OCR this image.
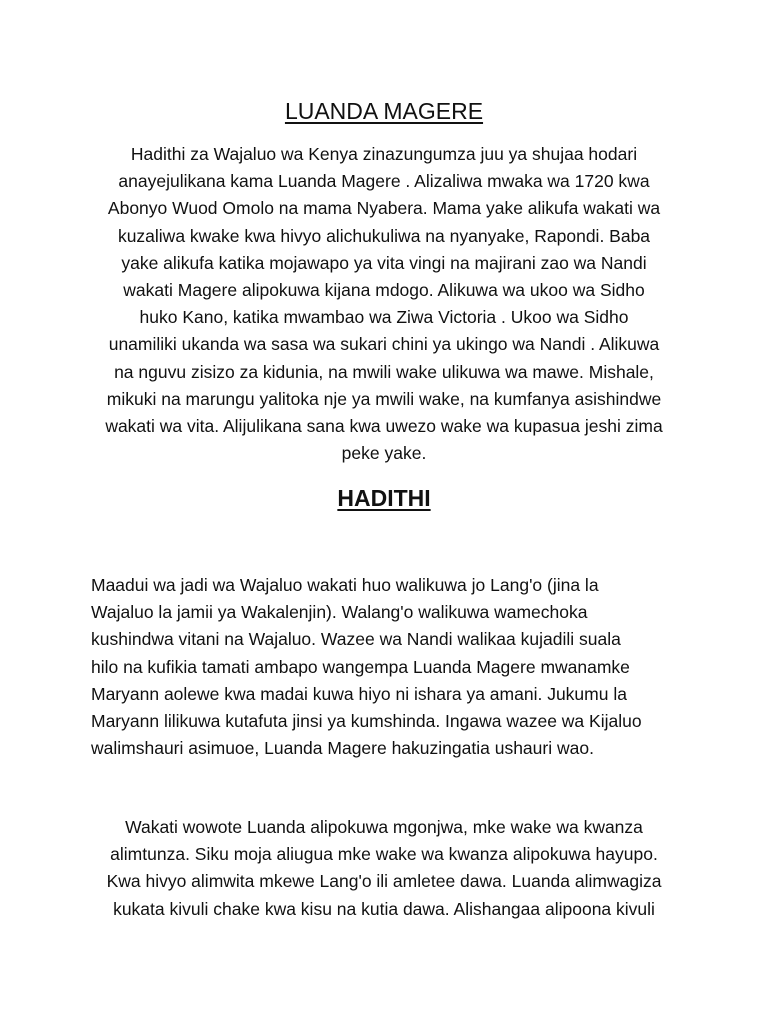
LUANDA MAGERE

Hadithi za Wajaluo wa Kenya zinazungumza juu ya shujaa hodari
anayejulikana kama Luanda Magere . Alizaliwa mwaka wa 1720 kwa
Abonyo Wuod Omolo na mama Nyabera. Mama yake alikufa wakati wa
kuzaliwa kwake kwa hivyo alichukuliwa na nyanyake, Rapondi. Baba
yake alikufa katika mojawapo ya vita vingi na majirani zao wa Nandi
wakati Magere alipokuwa kijana mdogo. Alikuwa wa ukoo wa Sidho
huko Kano, katika mwambao wa Ziwa Victoria . Ukoo wa Sidho
unamiliki ukanda wa sasa wa sukari chini ya ukingo wa Nandi . Alikuwa
na nguvu zisizo za kidunia, na mwili wake ulikuwa wa mawe. Mishale,
mikuki na marungu yalitoka nje ya mwili wake, na kumfanya asishindwe
wakati wa vita. Alijulikana sana kwa uwezo wake wa kupasua jeshi zima
peke yake.

HADITHI

Maadui wa jadi wa Wajaluo wakati huo walikuwa jo Lang'o (jina la
Wajaluo la jamii ya Wakalenjin). Walang'o walikuwa wamechoka
kushindwa vitani na Wajaluo. Wazee wa Nandi walikaa kujadili suala
hilo na kufikia tamati ambapo wangempa Luanda Magere mwanamke
Maryann aolewe kwa madai kuwa hiyo ni ishara ya amani. Jukumu la
Maryann lilikuwa kutafuta jinsi ya kumshinda. Ingawa wazee wa Kijaluo
walimshauri asimuoe, Luanda Magere hakuzingatia ushauri wao.

Wakati wowote Luanda alipokuwa mgonjwa, mke wake wa kwanza
alimtunza. Siku moja aliugua mke wake wa kwanza alipokuwa hayupo.
Kwa hivyo alimwita mkewe Lang'o ili amletee dawa. Luanda alimwagiza
kukata kivuli chake kwa kisu na kutia dawa. Alishangaa alipoona kivuli
